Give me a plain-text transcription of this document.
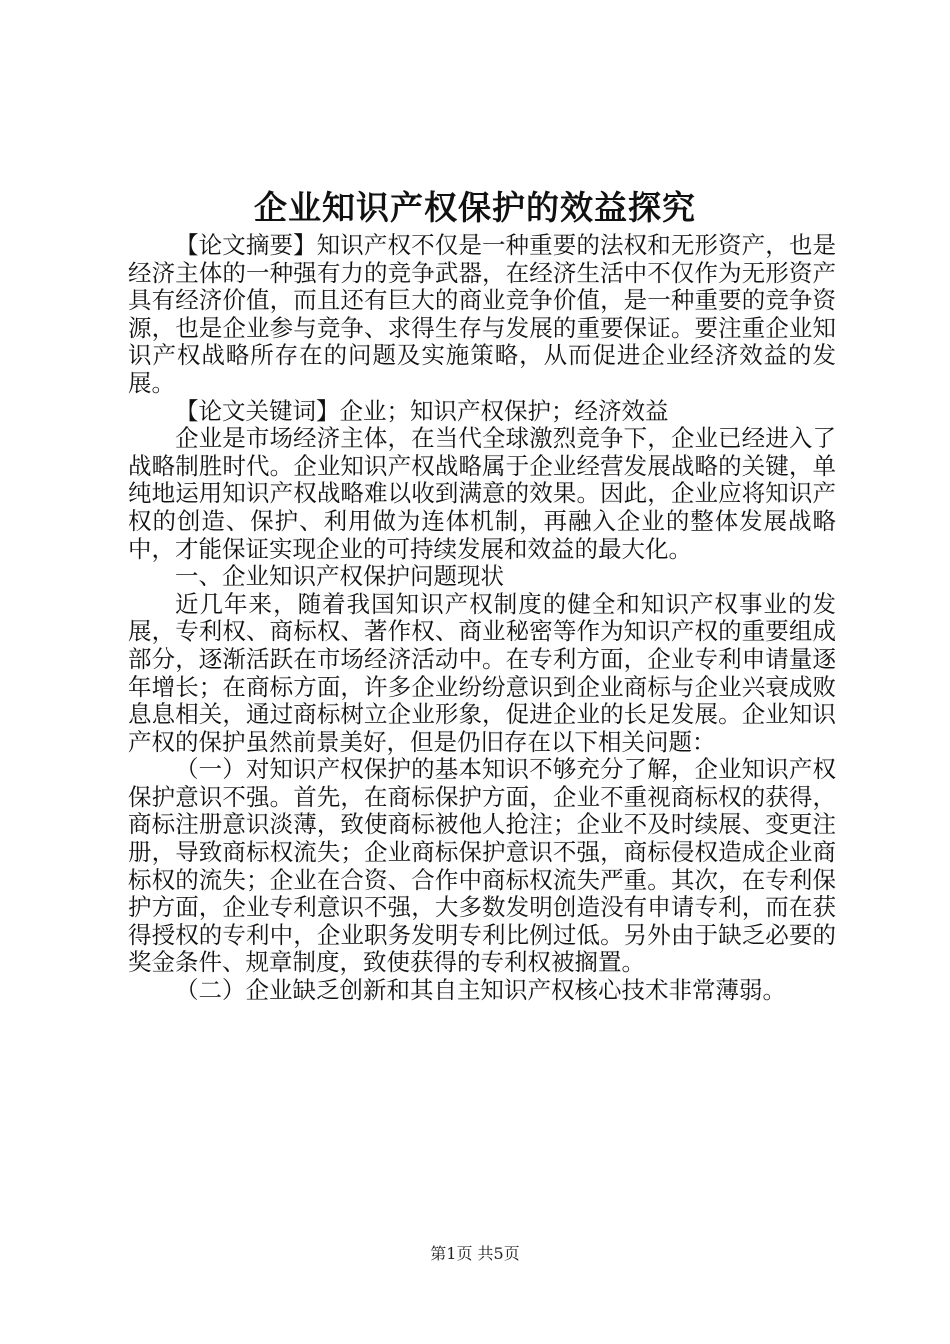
企业知识产权保护的效益探究

【论文摘要】知识产权不仅是一种重要的法权和无形资产，也是经济主体的一种强有力的竞争武器，在经济生活中不仅作为无形资产具有经济价值，而且还有巨大的商业竞争价值，是一种重要的竞争资源，也是企业参与竞争、求得生存与发展的重要保证。要注重企业知识产权战略所存在的问题及实施策略，从而促进企业经济效益的发展。

【论文关键词】企业；知识产权保护；经济效益

企业是市场经济主体，在当代全球激烈竞争下，企业已经进入了战略制胜时代。企业知识产权战略属于企业经营发展战略的关键，单纯地运用知识产权战略难以收到满意的效果。因此，企业应将知识产权的创造、保护、利用做为连体机制，再融入企业的整体发展战略中，才能保证实现企业的可持续发展和效益的最大化。

一、企业知识产权保护问题现状

近几年来，随着我国知识产权制度的健全和知识产权事业的发展，专利权、商标权、著作权、商业秘密等作为知识产权的重要组成部分，逐渐活跃在市场经济活动中。在专利方面，企业专利申请量逐年增长；在商标方面，许多企业纷纷意识到企业商标与企业兴衰成败息息相关，通过商标树立企业形象，促进企业的长足发展。企业知识产权的保护虽然前景美好，但是仍旧存在以下相关问题：

（一）对知识产权保护的基本知识不够充分了解，企业知识产权保护意识不强。首先，在商标保护方面，企业不重视商标权的获得，商标注册意识淡薄，致使商标被他人抢注；企业不及时续展、变更注册，导致商标权流失；企业商标保护意识不强，商标侵权造成企业商标权的流失；企业在合资、合作中商标权流失严重。其次，在专利保护方面，企业专利意识不强，大多数发明创造没有申请专利，而在获得授权的专利中，企业职务发明专利比例过低。另外由于缺乏必要的奖金条件、规章制度，致使获得的专利权被搁置。

（二）企业缺乏创新和其自主知识产权核心技术非常薄弱。

第1页 共5页
